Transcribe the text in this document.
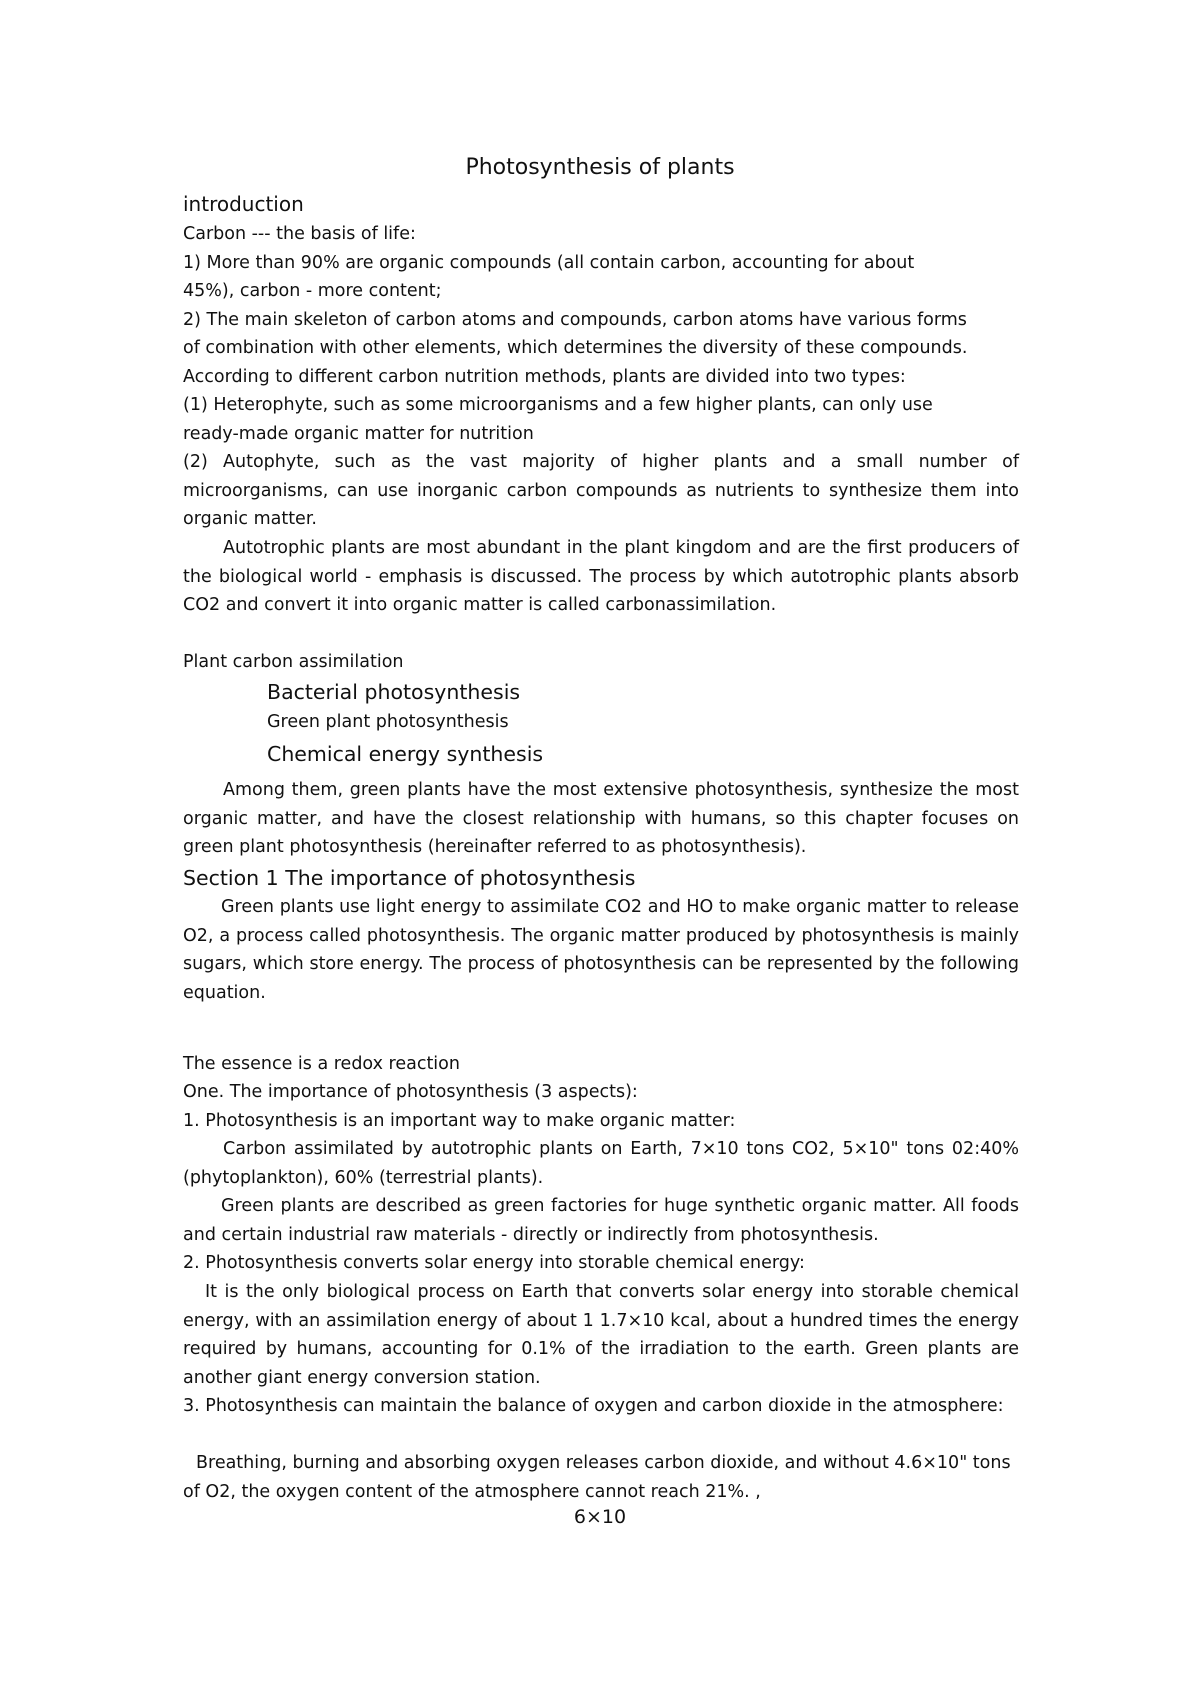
Photosynthesis of plants
introduction

Carbon --- the basis of life:

1) More than 90% are organic compounds (all contain carbon, accounting for about

45%), carbon - more content;

2) The main skeleton of carbon atoms and compounds, carbon atoms have various forms

of combination with other elements, which determines the diversity of these compounds.

According to different carbon nutrition methods, plants are divided into two types:

(1) Heterophyte, such as some microorganisms and a few higher plants, can only use

ready-made organic matter for nutrition

(2) Autophyte, such as the vast majority of higher plants and a small number of microorganisms, can use inorganic carbon compounds as nutrients to synthesize them into organic matter.
Autotrophic plants are most abundant in the plant kingdom and are the first producers of the biological world - emphasis is discussed. The process by which autotrophic plants absorb CO2 and convert it into organic matter is called carbonassimilation.
Plant carbon assimilation
Bacterial photosynthesis
Green plant photosynthesis
Chemical energy synthesis
Among them, green plants have the most extensive photosynthesis, synthesize the most organic matter, and have the closest relationship with humans, so this chapter focuses on green plant photosynthesis (hereinafter referred to as photosynthesis).
Section 1 The importance of photosynthesis
Green plants use light energy to assimilate CO2 and HO to make organic matter to release O2, a process called photosynthesis. The organic matter produced by photosynthesis is mainly sugars, which store energy. The process of photosynthesis can be represented by the following equation.
The essence is a redox reaction
One. The importance of photosynthesis (3 aspects):
1. Photosynthesis is an important way to make organic matter:
Carbon assimilated by autotrophic plants on Earth, 7×10 tons CO2, 5×10" tons 02:40% (phytoplankton), 60% (terrestrial plants).
Green plants are described as green factories for huge synthetic organic matter. All foods and certain industrial raw materials - directly or indirectly from photosynthesis.
2. Photosynthesis converts solar energy into storable chemical energy:
It is the only biological process on Earth that converts solar energy into storable chemical energy, with an assimilation energy of about 1 1.7×10 kcal, about a hundred times the energy required by humans, accounting for 0.1% of the irradiation to the earth. Green plants are another giant energy conversion station.
3. Photosynthesis can maintain the balance of oxygen and carbon dioxide in the atmosphere:
Breathing, burning and absorbing oxygen releases carbon dioxide, and without 4.6×10" tons of O2, the oxygen content of the atmosphere cannot reach 21%. ,
6×10
